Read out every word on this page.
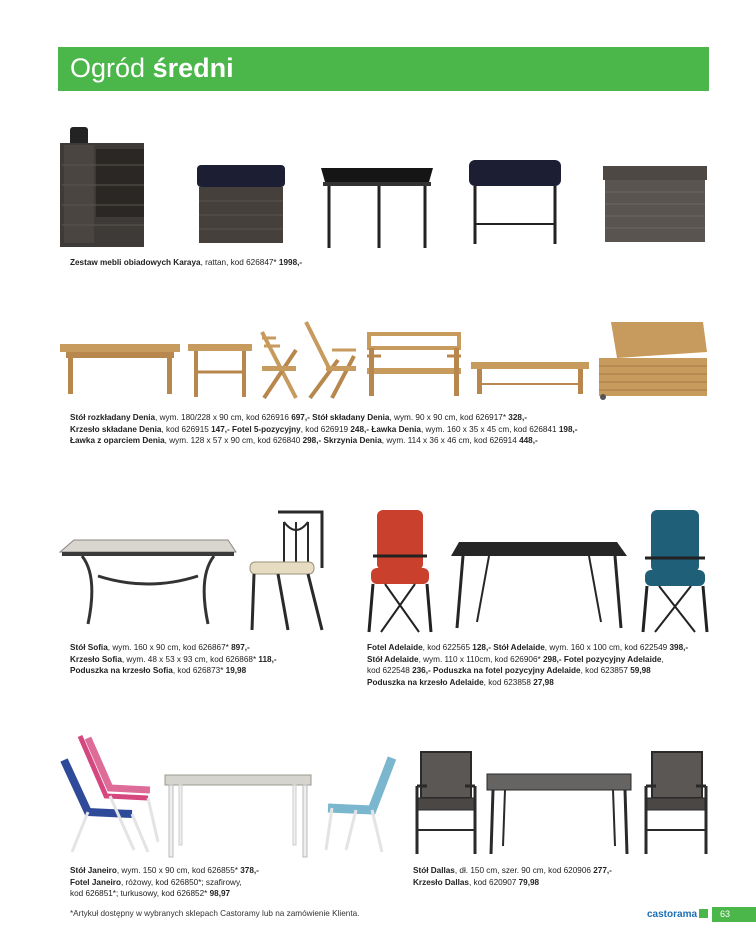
Ogród średni
Zestaw mebli obiadowych Karaya, rattan, kod 626847* 1998,-
Stół rozkładany Denia, wym. 180/228 x 90 cm, kod 626916 697,- Stół składany Denia, wym. 90 x 90 cm, kod 626917* 328,-
Krzesło składane Denia, kod 626915 147,- Fotel 5-pozycyjny, kod 626919 248,- Ławka Denia, wym. 160 x 35 x 45 cm, kod 626841 198,-
Ławka z oparciem Denia, wym. 128 x 57 x 90 cm, kod 626840 298,- Skrzynia Denia, wym. 114 x 36 x 46 cm, kod 626914 448,-
Stół Sofia, wym. 160 x 90 cm, kod 626867* 897,-
Krzesło Sofia, wym. 48 x 53 x 93 cm, kod 626868* 118,-
Poduszka na krzesło Sofia, kod 626873* 19,98
Fotel Adelaide, kod 622565 128,- Stół Adelaide, wym. 160 x 100 cm, kod 622549 398,-
Stół Adelaide, wym. 110 x 110cm, kod 626906* 298,- Fotel pozycyjny Adelaide,
kod 622548 236,- Poduszka na fotel pozycyjny Adelaide, kod 623857 59,98
Poduszka na krzesło Adelaide, kod 623858 27,98
Stół Janeiro, wym. 150 x 90 cm, kod 626855* 378,-
Fotel Janeiro, różowy, kod 626850*; szafirowy,
kod 626851*; turkusowy, kod 626852* 98,97
Stół Dallas, dł. 150 cm, szer. 90 cm, kod 620906 277,-
Krzesło Dallas, kod 620907 79,98
*Artykuł dostępny w wybranych sklepach Castoramy lub na zamówienie Klienta.	castorama	63
